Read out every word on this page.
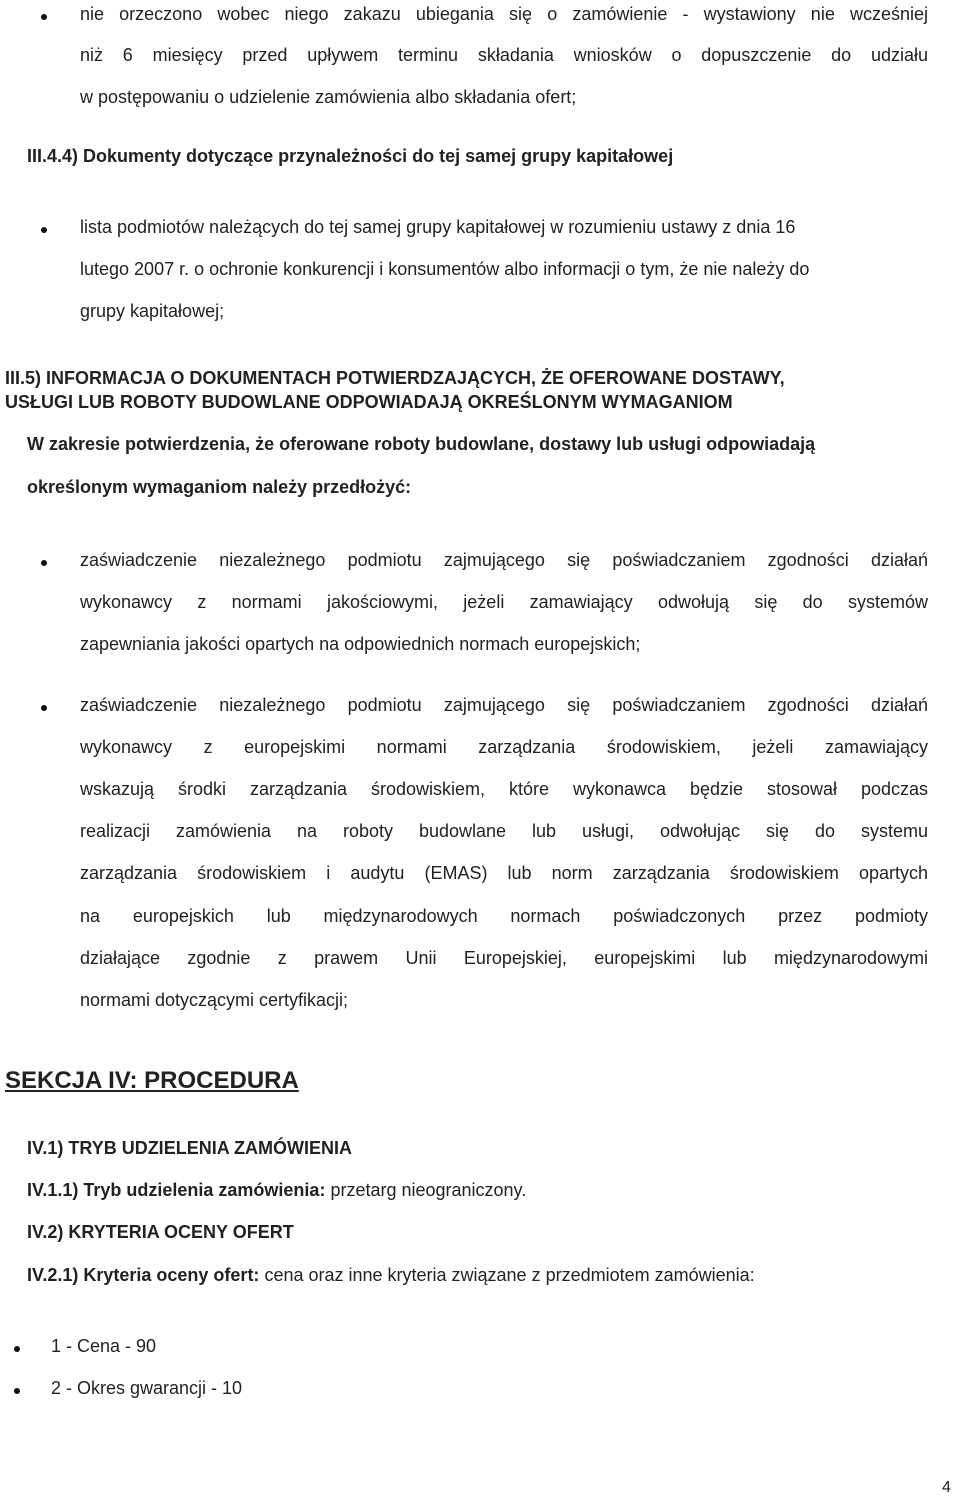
nie orzeczono wobec niego zakazu ubiegania się o zamówienie - wystawiony nie wcześniej
niż 6 miesięcy przed upływem terminu składania wniosków o dopuszczenie do udziału
w postępowaniu o udzielenie zamówienia albo składania ofert;
III.4.4) Dokumenty dotyczące przynależności do tej samej grupy kapitałowej
lista podmiotów należących do tej samej grupy kapitałowej w rozumieniu ustawy z dnia 16
lutego 2007 r. o ochronie konkurencji i konsumentów albo informacji o tym, że nie należy do
grupy kapitałowej;
III.5) INFORMACJA O DOKUMENTACH POTWIERDZAJĄCYCH, ŻE OFEROWANE DOSTAWY,
USŁUGI LUB ROBOTY BUDOWLANE ODPOWIADAJĄ OKREŚLONYM WYMAGANIOM
W zakresie potwierdzenia, że oferowane roboty budowlane, dostawy lub usługi odpowiadają
określonym wymaganiom należy przedłożyć:
zaświadczenie niezależnego podmiotu zajmującego się poświadczaniem zgodności działań
wykonawcy z normami jakościowymi, jeżeli zamawiający odwołują się do systemów
zapewniania jakości opartych na odpowiednich normach europejskich;
zaświadczenie niezależnego podmiotu zajmującego się poświadczaniem zgodności działań
wykonawcy z europejskimi normami zarządzania środowiskiem, jeżeli zamawiający
wskazują środki zarządzania środowiskiem, które wykonawca będzie stosował podczas
realizacji zamówienia na roboty budowlane lub usługi, odwołując się do systemu
zarządzania środowiskiem i audytu (EMAS) lub norm zarządzania środowiskiem opartych
na europejskich lub międzynarodowych normach poświadczonych przez podmioty
działające zgodnie z prawem Unii Europejskiej, europejskimi lub międzynarodowymi
normami dotyczącymi certyfikacji;
SEKCJA IV: PROCEDURA
IV.1) TRYB UDZIELENIA ZAMÓWIENIA
IV.1.1) Tryb udzielenia zamówienia: przetarg nieograniczony.
IV.2) KRYTERIA OCENY OFERT
IV.2.1) Kryteria oceny ofert: cena oraz inne kryteria związane z przedmiotem zamówienia:
1 - Cena - 90
2 - Okres gwarancji - 10
4
